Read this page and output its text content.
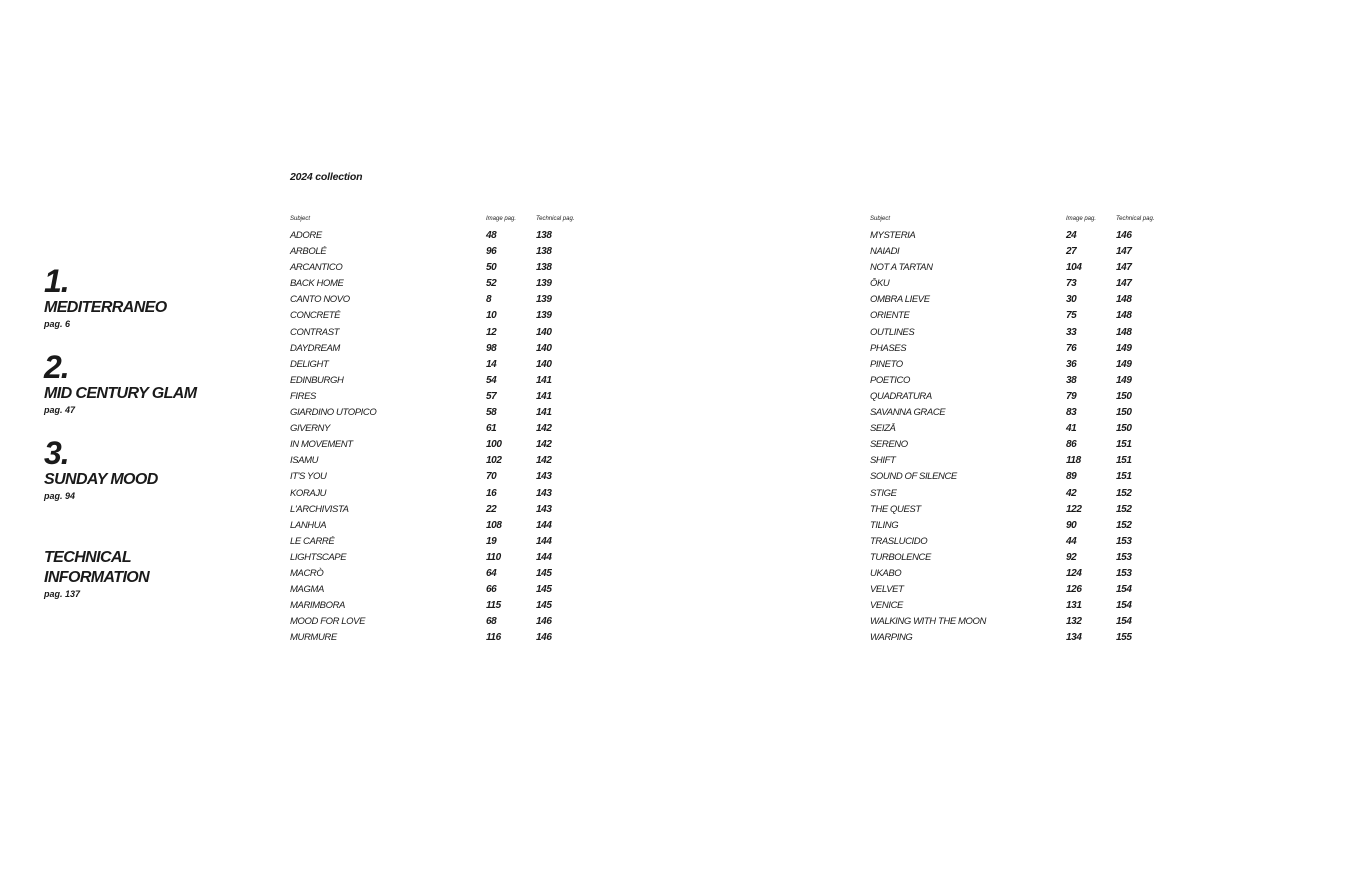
1.
MEDITERRANEO
pag. 6
2.
MID CENTURY GLAM
pag. 47
3.
SUNDAY MOOD
pag. 94
TECHNICAL
INFORMATION
pag. 137
2024 collection
Subject	Image pag.	Technical pag.
ADORE	48	138
ARBOLÉ	96	138
ARCANTICO	50	138
BACK HOME	52	139
CANTO NOVO	8	139
CONCRETÉ	10	139
CONTRAST	12	140
DAYDREAM	98	140
DELIGHT	14	140
EDINBURGH	54	141
FIRES	57	141
GIARDINO UTOPICO	58	141
GIVERNY	61	142
IN MOVEMENT	100	142
ISAMU	102	142
IT'S YOU	70	143
KORAJU	16	143
L'ARCHIVISTA	22	143
LANHUA	108	144
LE CARRÉ	19	144
LIGHTSCAPE	110	144
MACRÒ	64	145
MAGMA	66	145
MARIMBORA	115	145
MOOD FOR LOVE	68	146
MURMURE	116	146
Subject	Image pag.	Technical pag.
MYSTERIA	24	146
NAIADI	27	147
NOT A TARTAN	104	147
ŌKU	73	147
OMBRA LIEVE	30	148
ORIENTE	75	148
OUTLINES	33	148
PHASES	76	149
PINETO	36	149
POETICO	38	149
QUADRATURA	79	150
SAVANNA GRACE	83	150
SEIZĀ	41	150
SERENO	86	151
SHIFT	118	151
SOUND OF SILENCE	89	151
STIGE	42	152
THE QUEST	122	152
TILING	90	152
TRASLUCIDO	44	153
TURBOLENCE	92	153
UKABO	124	153
VELVET	126	154
VENICE	131	154
WALKING WITH THE MOON	132	154
WARPING	134	155
